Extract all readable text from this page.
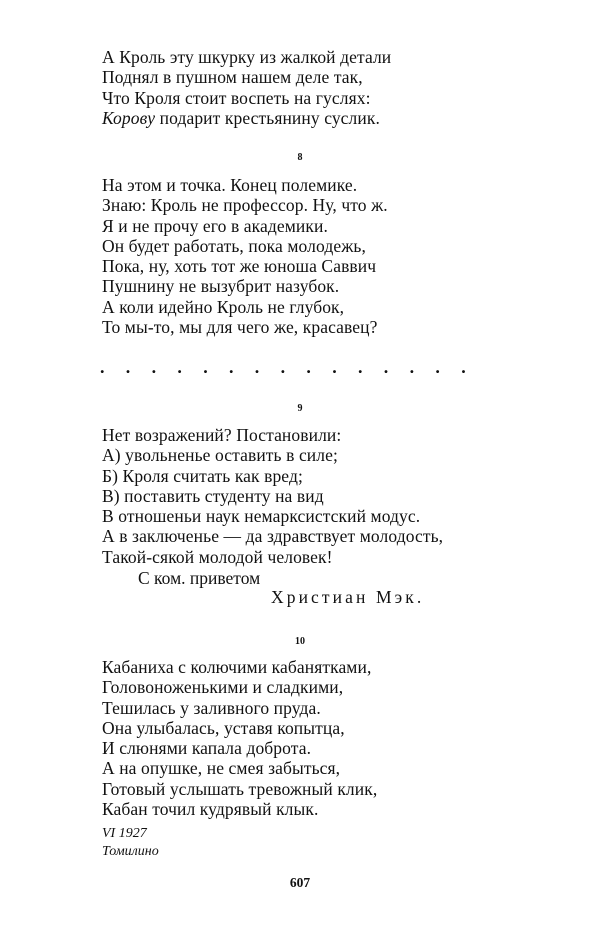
А Кроль эту шкурку из жалкой детали
Поднял в пушном нашем деле так,
Что Кроля стоит воспеть на гуслях:
Корову подарит крестьянину суслик.
8
На этом и точка. Конец полемике.
Знаю: Кроль не профессор. Ну, что ж.
Я и не прочу его в академики.
Он будет работать, пока молодежь,
Пока, ну, хоть тот же юноша Саввич
Пушнину не вызубрит назубок.
А коли идейно Кроль не глубок,
То мы-то, мы для чего же, красавец?
. . . . . . . . . . . . . . .
9
Нет возражений? Постановили:
А) увольненье оставить в силе;
Б) Кроля считать как вред;
В) поставить студенту на вид
В отношеньи наук немарксистский модус.
А в заключенье — да здравствует молодость,
Такой-сякой молодой человек!
С ком. приветом
Христиан Мэк.
10
Кабаниха с колючими кабанятками,
Головоноженькими и сладкими,
Тешилась у заливного пруда.
Она улыбалась, уставя копытца,
И слюнями капала доброта.
А на опушке, не смея забыться,
Готовый услышать тревожный клик,
Кабан точил кудрявый клык.
VI 1927
Томилино
607
